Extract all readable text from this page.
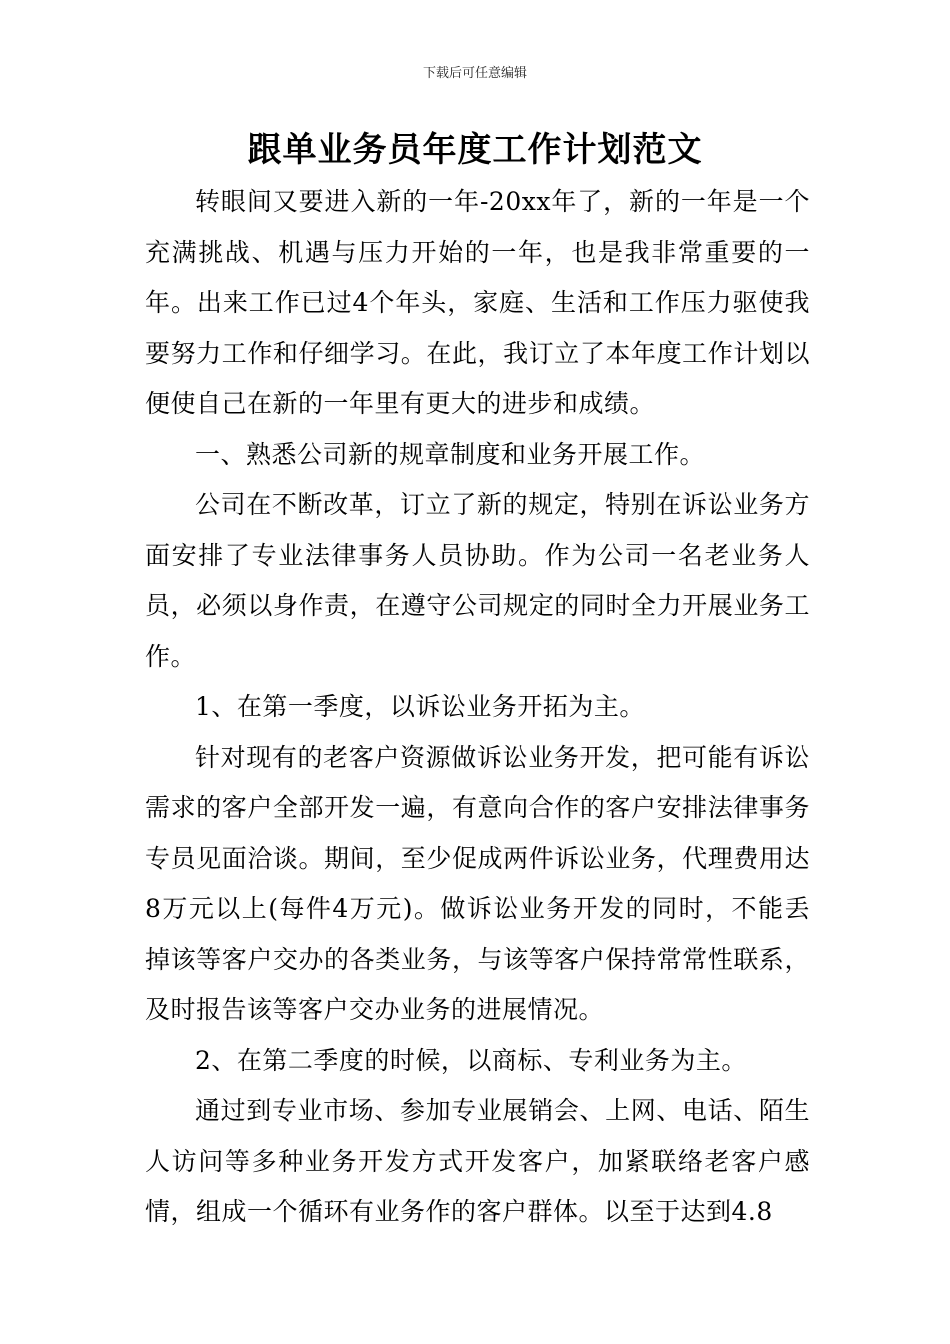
下载后可任意编辑
跟单业务员年度工作计划范文

转眼间又要进入新的一年-20xx年了，新的一年是一个充满挑战、机遇与压力开始的一年，也是我非常重要的一年。出来工作已过4个年头，家庭、生活和工作压力驱使我要努力工作和仔细学习。在此，我订立了本年度工作计划以便使自己在新的一年里有更大的进步和成绩。

一、熟悉公司新的规章制度和业务开展工作。

公司在不断改革，订立了新的规定，特别在诉讼业务方面安排了专业法律事务人员协助。作为公司一名老业务人员，必须以身作责，在遵守公司规定的同时全力开展业务工作。

1、在第一季度，以诉讼业务开拓为主。

针对现有的老客户资源做诉讼业务开发，把可能有诉讼需求的客户全部开发一遍，有意向合作的客户安排法律事务专员见面洽谈。期间，至少促成两件诉讼业务，代理费用达8万元以上(每件4万元)。做诉讼业务开发的同时，不能丢掉该等客户交办的各类业务，与该等客户保持常常性联系，及时报告该等客户交办业务的进展情况。

2、在第二季度的时候，以商标、专利业务为主。

通过到专业市场、参加专业展销会、上网、电话、陌生人访问等多种业务开发方式开发客户，加紧联络老客户感情，组成一个循环有业务作的客户群体。以至于达到4.8
